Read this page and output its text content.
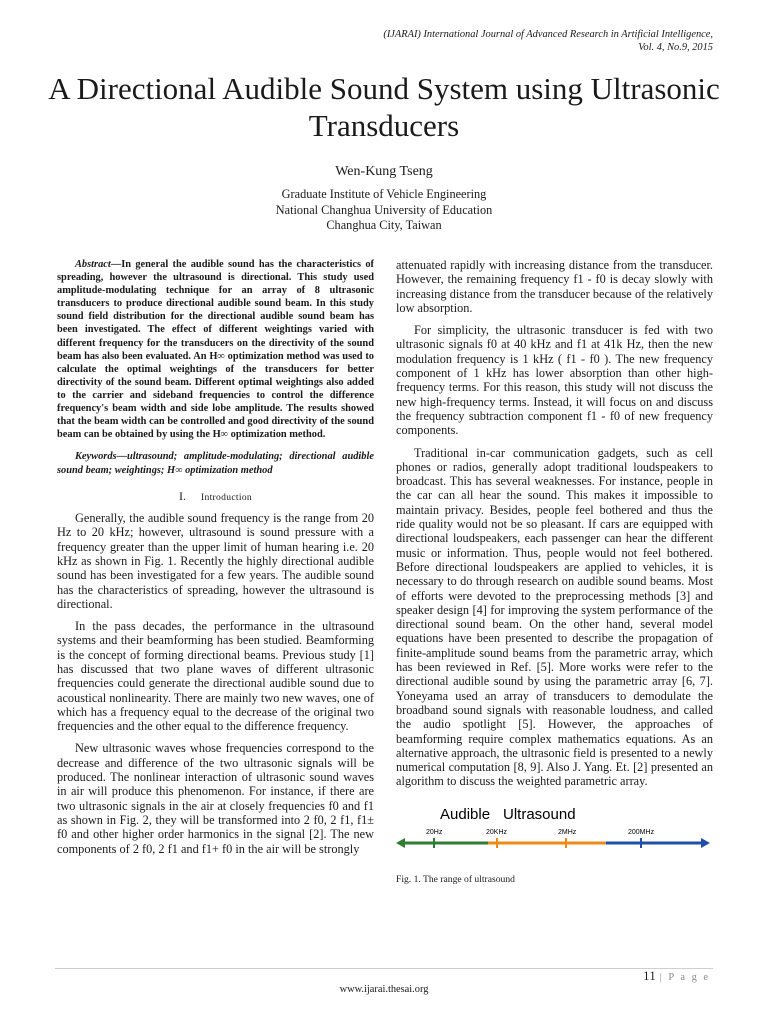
(IJARAI) International Journal of Advanced Research in Artificial Intelligence,
Vol. 4, No.9, 2015
A Directional Audible Sound System using Ultrasonic Transducers
Wen-Kung Tseng
Graduate Institute of Vehicle Engineering
National Changhua University of Education
Changhua City, Taiwan

Abstract—In general the audible sound has the characteristics of spreading, however the ultrasound is directional. This study used amplitude-modulating technique for an array of 8 ultrasonic transducers to produce directional audible sound beam. In this study sound field distribution for the directional audible sound beam has been investigated. The effect of different weightings varied with different frequency for the transducers on the directivity of the sound beam has also been evaluated. An H∞ optimization method was used to calculate the optimal weightings of the transducers for better directivity of the sound beam. Different optimal weightings also added to the carrier and sideband frequencies to control the difference frequency's beam width and side lobe amplitude. The results showed that the beam width can be controlled and good directivity of the sound beam can be obtained by using the H∞ optimization method.

Keywords—ultrasound; amplitude-modulating; directional audible sound beam; weightings; H∞ optimization method

I. Introduction

Generally, the audible sound frequency is the range from 20 Hz to 20 kHz; however, ultrasound is sound pressure with a frequency greater than the upper limit of human hearing i.e. 20 kHz as shown in Fig. 1. Recently the highly directional audible sound has been investigated for a few years. The audible sound has the characteristics of spreading, however the ultrasound is directional.

In the pass decades, the performance in the ultrasound systems and their beamforming has been studied. Beamforming is the concept of forming directional beams. Previous study [1] has discussed that two plane waves of different ultrasonic frequencies could generate the directional audible sound due to acoustical nonlinearity. There are mainly two new waves, one of which has a frequency equal to the decrease of the original two frequencies and the other equal to the difference frequency.

New ultrasonic waves whose frequencies correspond to the decrease and difference of the two ultrasonic signals will be produced. The nonlinear interaction of ultrasonic sound waves in air will produce this phenomenon. For instance, if there are two ultrasonic signals in the air at closely frequencies f0 and f1 as shown in Fig. 2, they will be transformed into 2 f0, 2 f1, f1± f0 and other higher order harmonics in the signal [2]. The new components of 2 f0, 2 f1 and f1+ f0 in the air will be strongly

attenuated rapidly with increasing distance from the transducer. However, the remaining frequency f1 - f0 is decay slowly with increasing distance from the transducer because of the relatively low absorption.

For simplicity, the ultrasonic transducer is fed with two ultrasonic signals f0 at 40 kHz and f1 at 41k Hz, then the new modulation frequency is 1 kHz ( f1 - f0 ). The new frequency component of 1 kHz has lower absorption than other high-frequency terms. For this reason, this study will not discuss the new high-frequency terms. Instead, it will focus on and discuss the frequency subtraction component f1 - f0 of new frequency components.

Traditional in-car communication gadgets, such as cell phones or radios, generally adopt traditional loudspeakers to broadcast. This has several weaknesses. For instance, people in the car can all hear the sound. This makes it impossible to maintain privacy. Besides, people feel bothered and thus the ride quality would not be so pleasant. If cars are equipped with directional loudspeakers, each passenger can hear the different music or information. Thus, people would not feel bothered. Before directional loudspeakers are applied to vehicles, it is necessary to do through research on audible sound beams. Most of efforts were devoted to the preprocessing methods [3] and speaker design [4] for improving the system performance of the directional sound beam. On the other hand, several model equations have been presented to describe the propagation of finite-amplitude sound beams from the parametric array, which has been reviewed in Ref. [5]. More works were refer to the directional audible sound by using the parametric array [6, 7]. Yoneyama used an array of transducers to demodulate the broadband sound signals with reasonable loudness, and called the audio spotlight [5]. However, the approaches of beamforming require complex mathematics equations. As an alternative approach, the ultrasonic field is presented to a newly numerical computation [8, 9]. Also J. Yang. Et. [2] presented an algorithm to discuss the weighted parametric array.

Audible Ultrasound
20Hz	20KHz	2MHz	200MHz
Fig. 1. The range of ultrasound
11 | P a g e
www.ijarai.thesai.org
